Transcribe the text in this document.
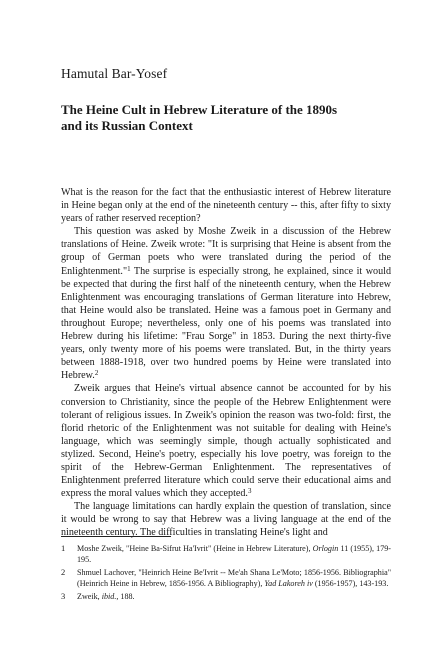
Hamutal Bar-Yosef
The Heine Cult in Hebrew Literature of the 1890s
and its Russian Context

What is the reason for the fact that the enthusiastic interest of Hebrew literature in Heine began only at the end of the nineteenth century -- this, after fifty to sixty years of rather reserved reception?

This question was asked by Moshe Zweik in a discussion of the Hebrew translations of Heine. Zweik wrote: "It is surprising that Heine is absent from the group of German poets who were translated during the period of the Enlightenment."$^1$ The surprise is especially strong, he explained, since it would be expected that during the first half of the nineteenth century, when the Hebrew Enlightenment was encouraging translations of German literature into Hebrew, that Heine would also be translated. Heine was a famous poet in Germany and throughout Europe; nevertheless, only one of his poems was translated into Hebrew during his lifetime: "Frau Sorge" in 1853. During the next thirty-five years, only twenty more of his poems were translated. But, in the thirty years between 1888-1918, over two hundred poems by Heine were translated into Hebrew.$^2$

Zweik argues that Heine's virtual absence cannot be accounted for by his conversion to Christianity, since the people of the Hebrew Enlightenment were tolerant of religious issues. In Zweik's opinion the reason was two-fold: first, the florid rhetoric of the Enlightenment was not suitable for dealing with Heine's language, which was seemingly simple, though actually sophisticated and stylized. Second, Heine's poetry, especially his love poetry, was foreign to the spirit of the Hebrew-German Enlightenment. The representatives of Enlightenment preferred literature which could serve their educational aims and express the moral values which they accepted.$^3$

The language limitations can hardly explain the question of translation, since it would be wrong to say that Hebrew was a living language at the end of the nineteenth century. The difficulties in translating Heine's light and

1	Moshe Zweik, "Heine Ba-Sifrut Ha'Ivrit" (Heine in Hebrew Literature), Orlogin 11 (1955), 179-195.
2	Shmuel Lachover, "Heinrich Heine Be'Ivrit -- Me'ah Shana Le'Moto; 1856-1956. Bibliographia" (Heinrich Heine in Hebrew, 1856-1956. A Bibliography), Yad Lakoreh iv (1956-1957), 143-193.
3	Zweik, ibid., 188.
